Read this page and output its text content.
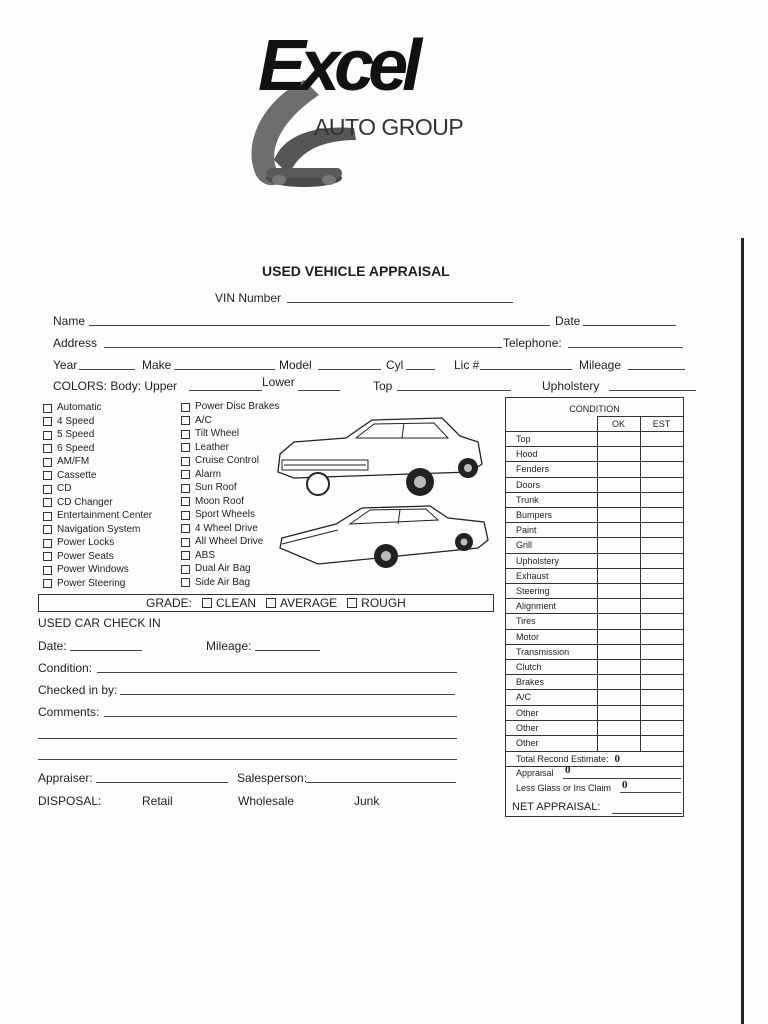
Excel
AUTO GROUP
USED VEHICLE APPRAISAL
VIN Number
Name	Date
Address	Telephone:
Year	Make	Model	Cyl	Lic #	Mileage
COLORS: Body: Upper	Lower	Top	Upholstery
Automatic
4 Speed
5 Speed
6 Speed
AM/FM
Cassette
CD
CD Changer
Entertainment Center
Navigation System
Power Locks
Power Seats
Power Windows
Power Steering
Power Disc Brakes
A/C
Tilt Wheel
Leather
Cruise Control
Alarm
Sun Roof
Moon Roof
Sport Wheels
4 Wheel Drive
All Wheel Drive
ABS
Dual Air Bag
Side Air Bag
GRADE: CLEAN AVERAGE ROUGH
USED CAR CHECK IN
Date:	Mileage:
Condition:
Checked in by:
Comments:
Appraiser:	Salesperson:
DISPOSAL:	Retail	Wholesale	Junk
CONDITION
OK	EST
Top
Hood
Fenders
Doors
Trunk
Bumpers
Paint
Grill
Upholstery
Exhaust
Steering
Alignment
Tires
Motor
Transmission
Clutch
Brakes
A/C
Other
Other
Other
Total Recond Estimate: 0
Appraisal 0
Less Glass or Ins Claim 0
NET APPRAISAL:
